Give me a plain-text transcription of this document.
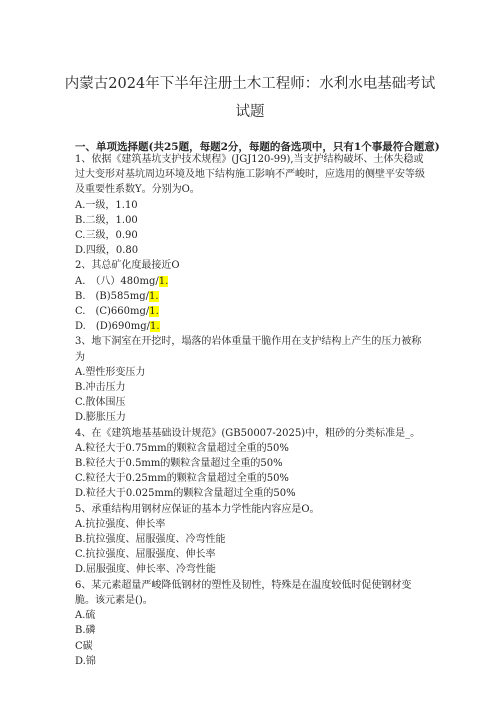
内蒙古2024年下半年注册土木工程师：水利水电基础考试
试题
一、单项选择题(共25题，每题2分，每题的备选项中，只有1个事最符合题意)
1、依据《建筑基坑支护技术规程》(JGJ120-99),当支护结构破坏、土体失稳或过大变形对基坑周边环境及地下结构施工影响不严峻时，应选用的侧壁平安等级及重要性系数Y。分别为O。
A.一级，1.10
B.二级，1.00
C.三级，0.90
D.四级，0.80
2、其总矿化度最接近O
A.　（八）480mg/1.
B.　(B)585mg/1.
C.　(C)660mg/1.
D.　(D)690mg/1.
3、地下洞室在开挖时，塌落的岩体重量干脆作用在支护结构上产生的压力被称为
A.塑性形变压力
B.冲击压力
C.散体围压
D.膨胀压力
4、在《建筑地基基础设计规范》(GB50007-2025)中，粗砂的分类标准是_。
A.粒径大于0.75mm的颗粒含量超过全重的50%
B.粒径大于0.5mm的颗粒含量超过全重的50%
C.粒径大于0.25mm的颗粒含量超过全重的50%
D.粒径大于0.025mm的颗粒含量超过全重的50%
5、承重结构用钢材应保证的基本力学性能内容应是O。
A.抗拉强度、伸长率
B.抗拉强度、屈服强度、冷弯性能
C.抗拉强度、屈服强度、伸长率
D.屈服强度、伸长率、冷弯性能
6、某元素超量严峻降低钢材的塑性及韧性，特殊是在温度较低时促使钢材变脆。该元素是()。
A.硫
B.磷
C碳
D.锦
